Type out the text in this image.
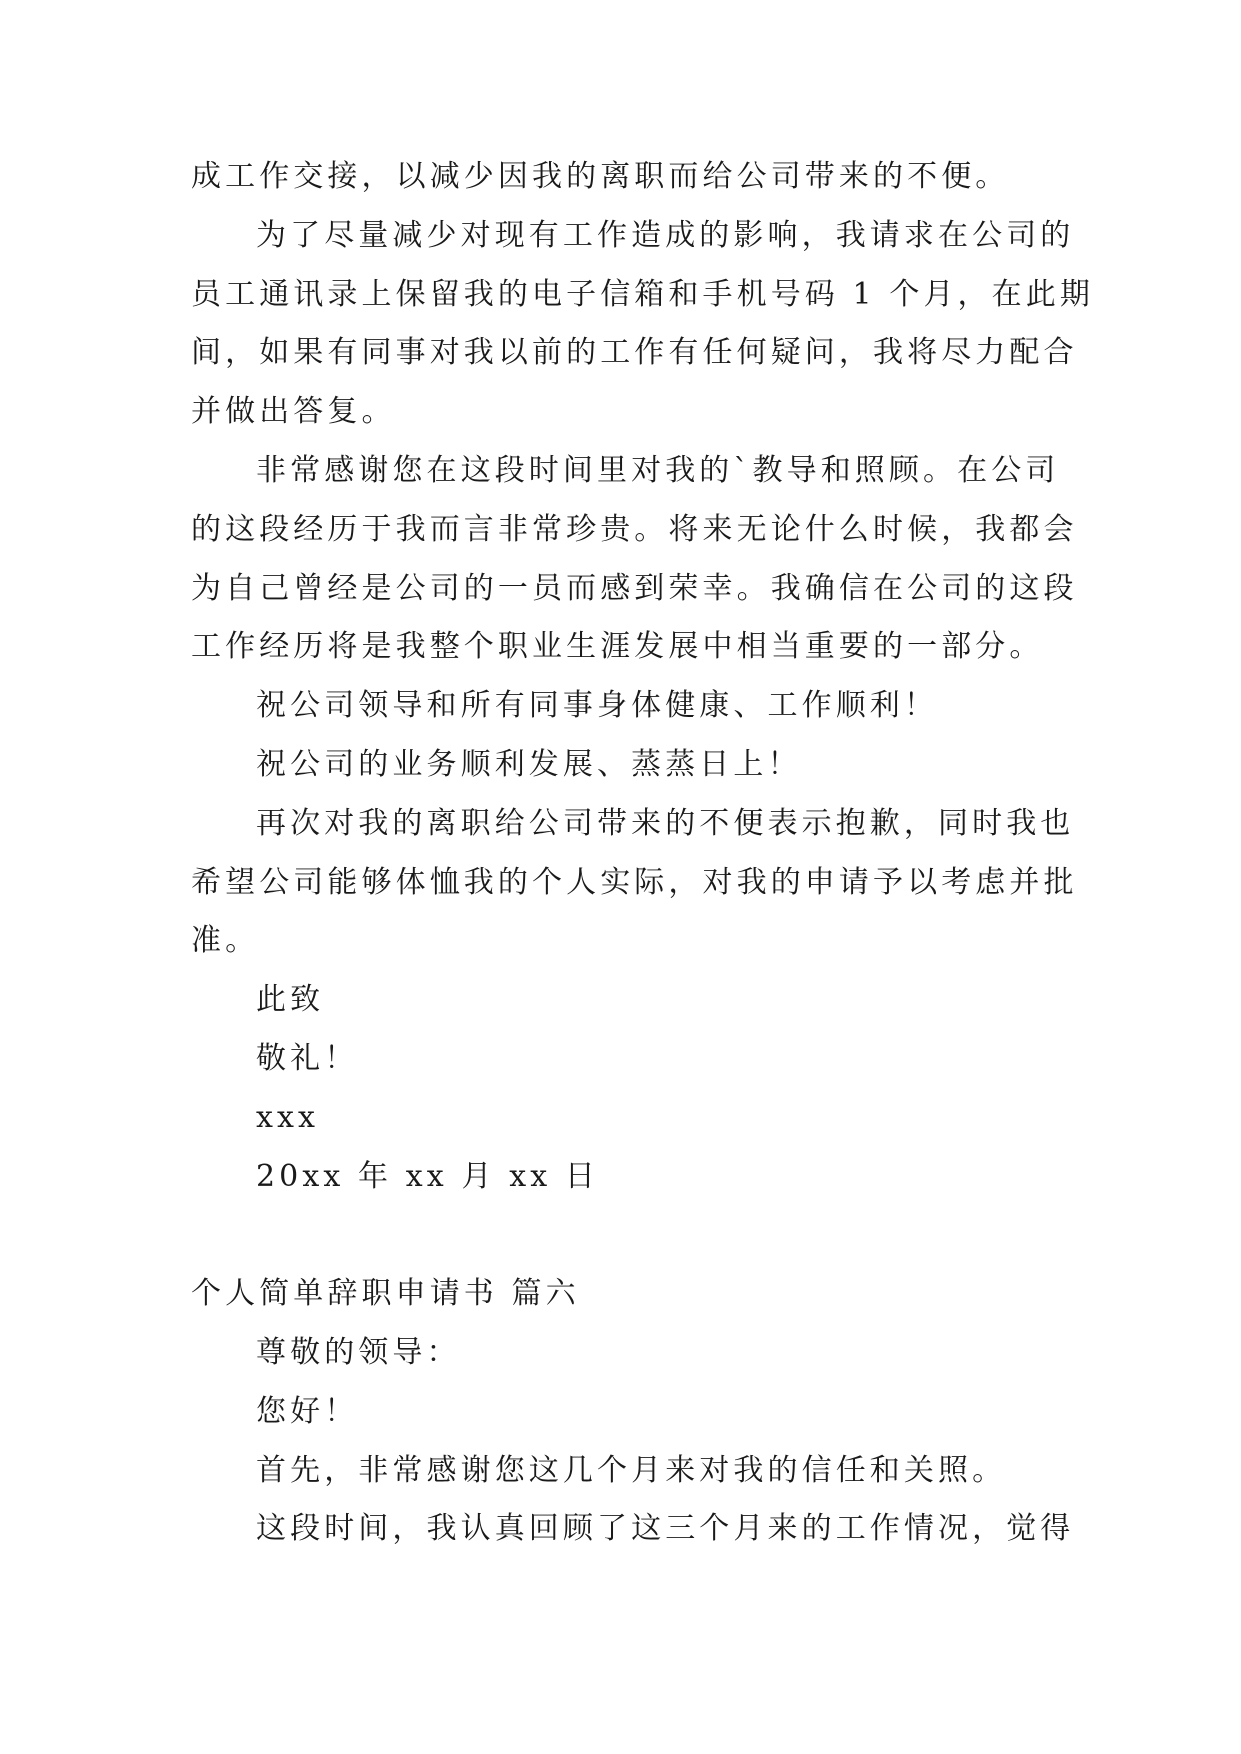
成工作交接，以减少因我的离职而给公司带来的不便。
为了尽量减少对现有工作造成的影响，我请求在公司的
员工通讯录上保留我的电子信箱和手机号码 1 个月，在此期
间，如果有同事对我以前的工作有任何疑问，我将尽力配合
并做出答复。
非常感谢您在这段时间里对我的`教导和照顾。在公司
的这段经历于我而言非常珍贵。将来无论什么时候，我都会
为自己曾经是公司的一员而感到荣幸。我确信在公司的这段
工作经历将是我整个职业生涯发展中相当重要的一部分。
祝公司领导和所有同事身体健康、工作顺利！
祝公司的业务顺利发展、蒸蒸日上！
再次对我的离职给公司带来的不便表示抱歉，同时我也
希望公司能够体恤我的个人实际，对我的申请予以考虑并批
准。
此致
敬礼！
xxx
20xx 年 xx 月 xx 日
个人简单辞职申请书 篇六
尊敬的领导：
您好！
首先，非常感谢您这几个月来对我的信任和关照。
这段时间，我认真回顾了这三个月来的工作情况，觉得
